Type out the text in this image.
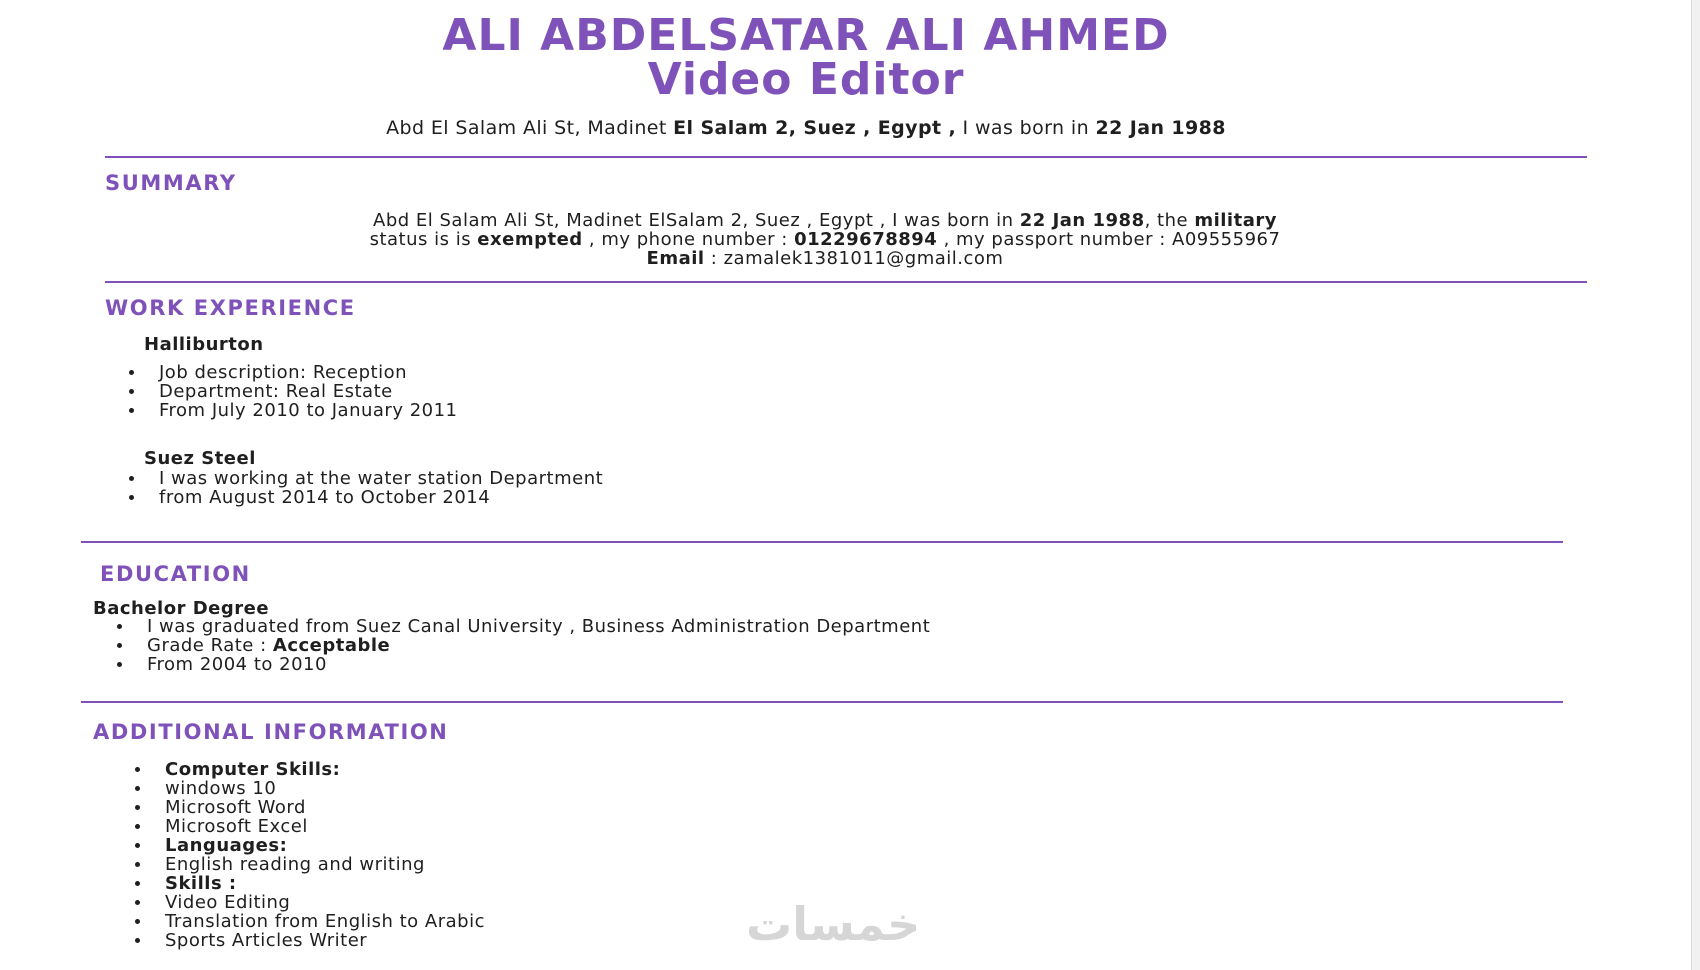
ALI ABDELSATAR ALI AHMED
Video Editor
Abd El Salam Ali St, Madinet El Salam 2, Suez , Egypt , I was born in 22 Jan 1988
SUMMARY
Abd El Salam Ali St, Madinet ElSalam 2, Suez , Egypt , I was born in 22 Jan 1988, the military
status is is exempted , my phone number : 01229678894 , my passport number : A09555967
Email : zamalek1381011@gmail.com
WORK EXPERIENCE
Halliburton
Job description: Reception
Department: Real Estate
From July 2010 to January 2011
Suez Steel
I was working at the water station Department
from August 2014 to October 2014
EDUCATION
Bachelor Degree
I was graduated from Suez Canal University , Business Administration Department
Grade Rate : Acceptable
From 2004 to 2010
ADDITIONAL INFORMATION
Computer Skills:
windows 10
Microsoft Word
Microsoft Excel
Languages:
English reading and writing
Skills :
Video Editing
Translation from English to Arabic
Sports Articles Writer	خمسات
